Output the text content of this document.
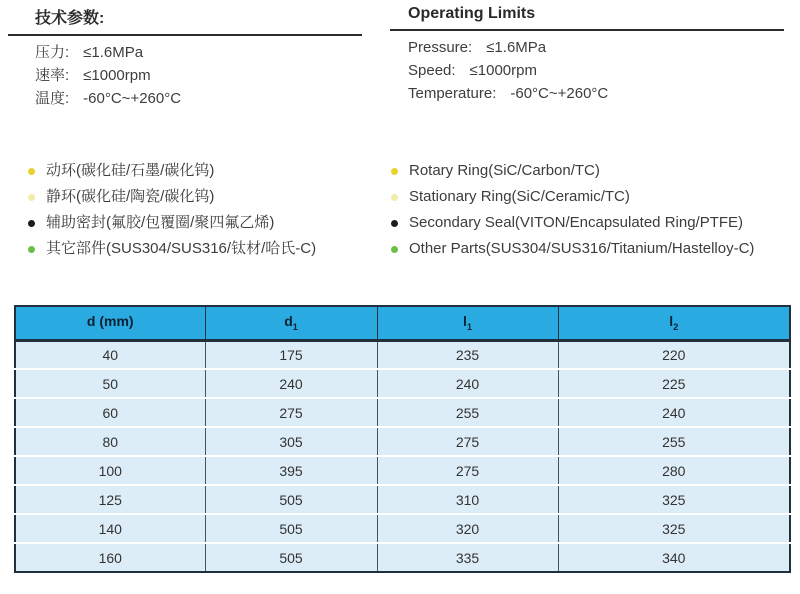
技术参数:
压力: ≤1.6MPa
速率: ≤1000rpm
温度: -60°C~+260°C
Operating Limits
Pressure: ≤1.6MPa
Speed: ≤1000rpm
Temperature: -60°C~+260°C
动环(碳化硅/石墨/碳化钨)
静环(碳化硅/陶瓷/碳化钨)
辅助密封(氟胶/包覆圈/聚四氟乙烯)
其它部件(SUS304/SUS316/钛材/哈氏-C)
Rotary Ring(SiC/Carbon/TC)
Stationary Ring(SiC/Ceramic/TC)
Secondary Seal(VITON/Encapsulated Ring/PTFE)
Other Parts(SUS304/SUS316/Titanium/Hastelloy-C)
d (mm)	$d_1$	$l_1$	$l_2$
40	175	235	220
50	240	240	225
60	275	255	240
80	305	275	255
100	395	275	280
125	505	310	325
140	505	320	325
160	505	335	340
